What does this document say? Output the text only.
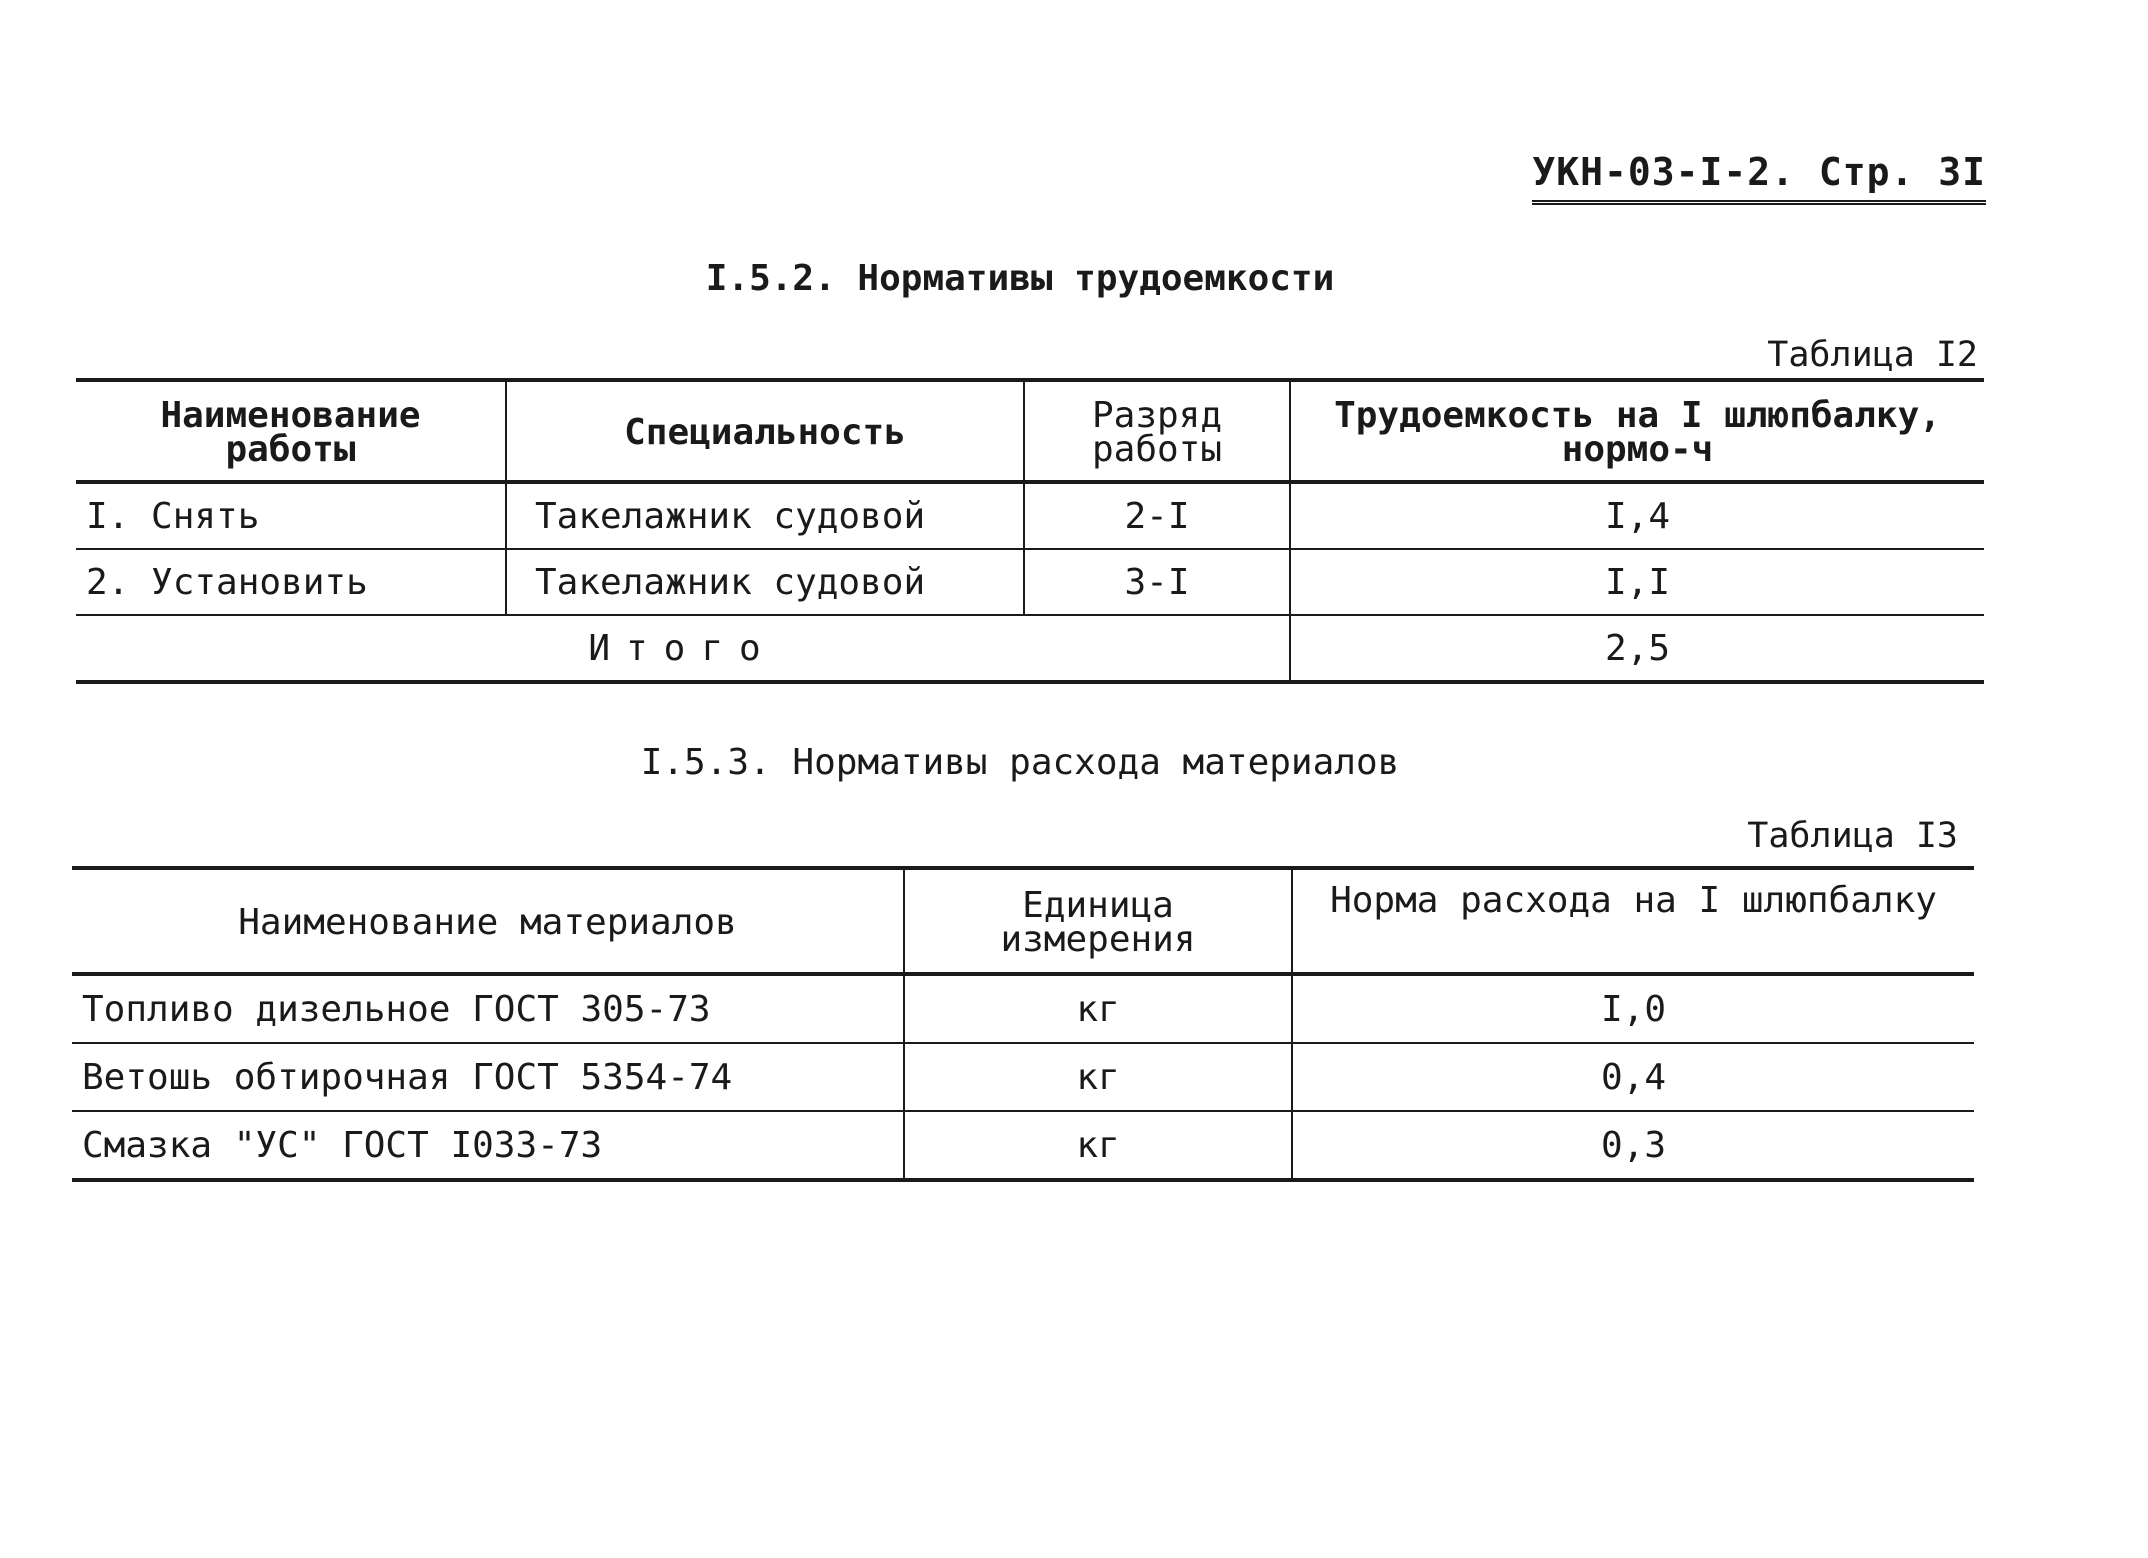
УКН-03-I-2. Стр. 3I
I.5.2. Нормативы трудоемкости
Таблица I2
Наименование работы	Специальность	Разряд работы	Трудоемкость на I шлюпбалку, нормо-ч
I. Снять	Такелажник судовой	2-I	I,4
2. Установить	Такелажник судовой	3-I	I,I
Итого			2,5
I.5.3. Нормативы расхода материалов
Таблица I3
Наименование материалов	Единица измерения	Норма расхода на I шлюпбалку
Топливо дизельное ГОСТ 305-73	кг	I,0
Ветошь обтирочная ГОСТ 5354-74	кг	0,4
Смазка "УС" ГОСТ I033-73	кг	0,3
